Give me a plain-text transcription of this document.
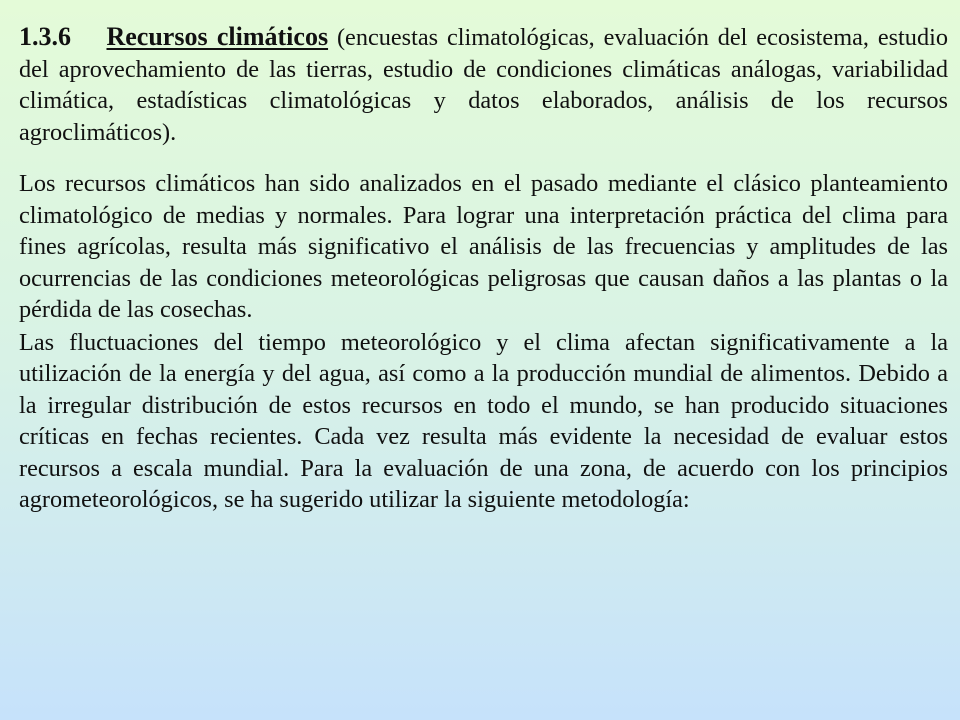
1.3.6 Recursos climáticos (encuestas climatológicas, evaluación del ecosistema, estudio del aprovechamiento de las tierras, estudio de condiciones climáticas análogas, variabilidad climática, estadísticas climatológicas y datos elaborados, análisis de los recursos agroclimáticos).

Los recursos climáticos han sido analizados en el pasado mediante el clásico planteamiento climatológico de medias y normales. Para lograr una interpretación práctica del clima para fines agrícolas, resulta más significativo el análisis de las frecuencias y amplitudes de las ocurrencias de las condiciones meteorológicas peligrosas que causan daños a las plantas o la pérdida de las cosechas.

Las fluctuaciones del tiempo meteorológico y el clima afectan significativamente a la utilización de la energía y del agua, así como a la producción mundial de alimentos. Debido a la irregular distribución de estos recursos en todo el mundo, se han producido situaciones críticas en fechas recientes. Cada vez resulta más evidente la necesidad de evaluar estos recursos a escala mundial. Para la evaluación de una zona, de acuerdo con los principios agrometeorológicos, se ha sugerido utilizar la siguiente metodología:
